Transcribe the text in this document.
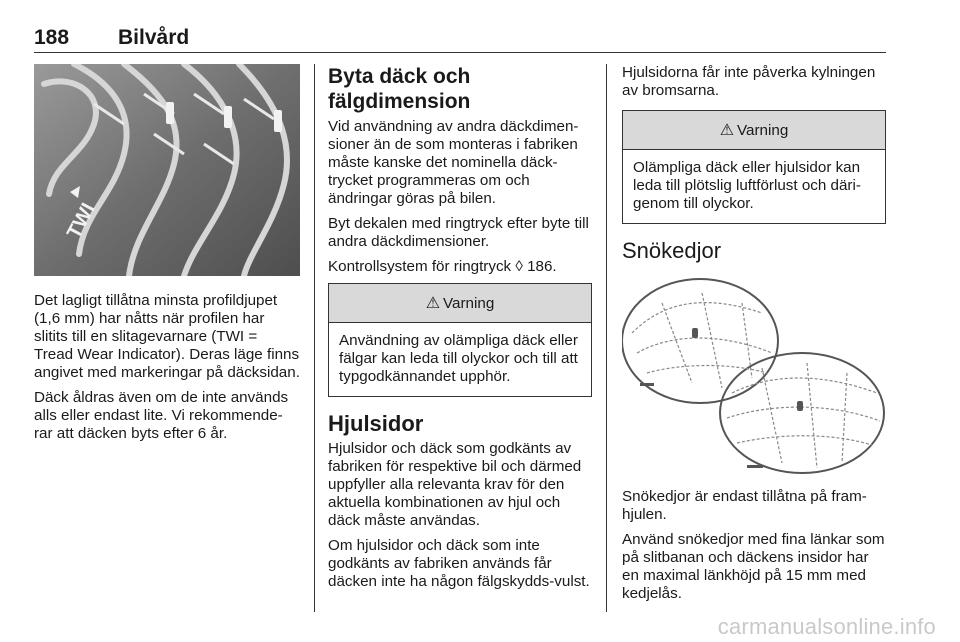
188 Bilvård
TWI

Det lagligt tillåtna minsta profildjupet (1,6 mm) har nåtts när profilen har slitits till en slitagevarnare (TWI = Tread Wear Indicator). Deras läge finns angivet med markeringar på däcksidan.

Däck åldras även om de inte används alls eller endast lite. Vi rekommende-rar att däcken byts efter 6 år.

Byta däck och fälgdimension

Vid användning av andra däckdimen-sioner än de som monteras i fabriken måste kanske det nominella däck-trycket programmeras om och ändringar göras på bilen.

Byt dekalen med ringtryck efter byte till andra däckdimensioner.

Kontrollsystem för ringtryck ◊ 186.

⚠ Varning
Användning av olämpliga däck eller fälgar kan leda till olyckor och till att typgodkännandet upphör.
Hjulsidor

Hjulsidor och däck som godkänts av fabriken för respektive bil och därmed uppfyller alla relevanta krav för den aktuella kombinationen av hjul och däck måste användas.

Om hjulsidor och däck som inte godkänts av fabriken används får däcken inte ha någon fälgskydds-vulst.

Hjulsidorna får inte påverka kylningen av bromsarna.

⚠ Varning
Olämpliga däck eller hjulsidor kan leda till plötslig luftförlust och däri-genom till olyckor.
Snökedjor

Snökedjor är endast tillåtna på fram-hjulen.

Använd snökedjor med fina länkar som på slitbanan och däckens insidor har en maximal länkhöjd på 15 mm med kedjelås.

carmanualsonline.info
